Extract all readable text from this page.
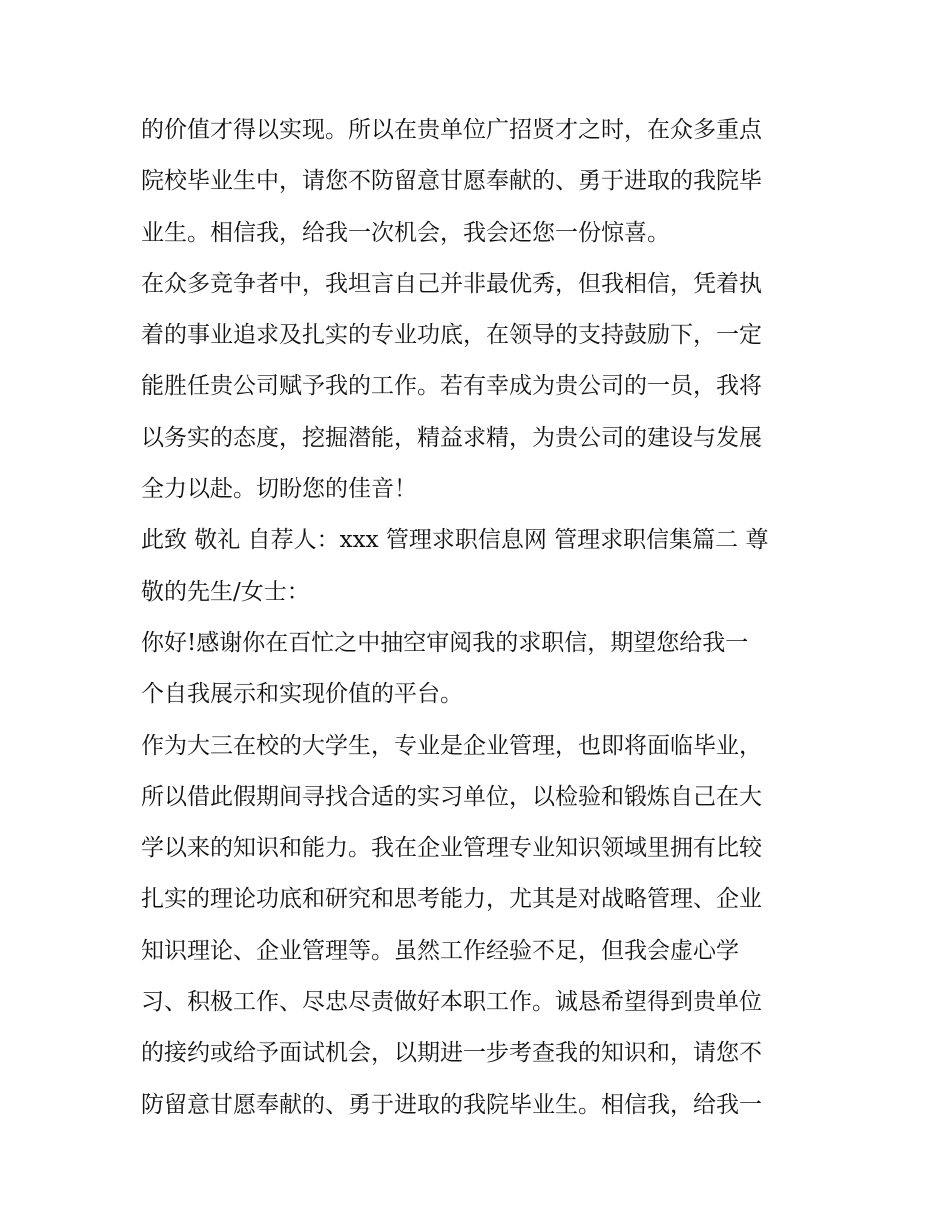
的价值才得以实现。所以在贵单位广招贤才之时，在众多重点
院校毕业生中，请您不防留意甘愿奉献的、勇于进取的我院毕
业生。相信我，给我一次机会，我会还您一份惊喜。
在众多竞争者中，我坦言自己并非最优秀，但我相信，凭着执
着的事业追求及扎实的专业功底，在领导的支持鼓励下，一定
能胜任贵公司赋予我的工作。若有幸成为贵公司的一员，我将
以务实的态度，挖掘潜能，精益求精，为贵公司的建设与发展
全力以赴。切盼您的佳音！
此致 敬礼 自荐人：xxx 管理求职信息网 管理求职信集篇二 尊
敬的先生/女士：
你好!感谢你在百忙之中抽空审阅我的求职信，期望您给我一
个自我展示和实现价值的平台。
作为大三在校的大学生，专业是企业管理，也即将面临毕业，
所以借此假期间寻找合适的实习单位，以检验和锻炼自己在大
学以来的知识和能力。我在企业管理专业知识领域里拥有比较
扎实的理论功底和研究和思考能力，尤其是对战略管理、企业
知识理论、企业管理等。虽然工作经验不足，但我会虚心学
习、积极工作、尽忠尽责做好本职工作。诚恳希望得到贵单位
的接约或给予面试机会，以期进一步考查我的知识和，请您不
防留意甘愿奉献的、勇于进取的我院毕业生。相信我，给我一
